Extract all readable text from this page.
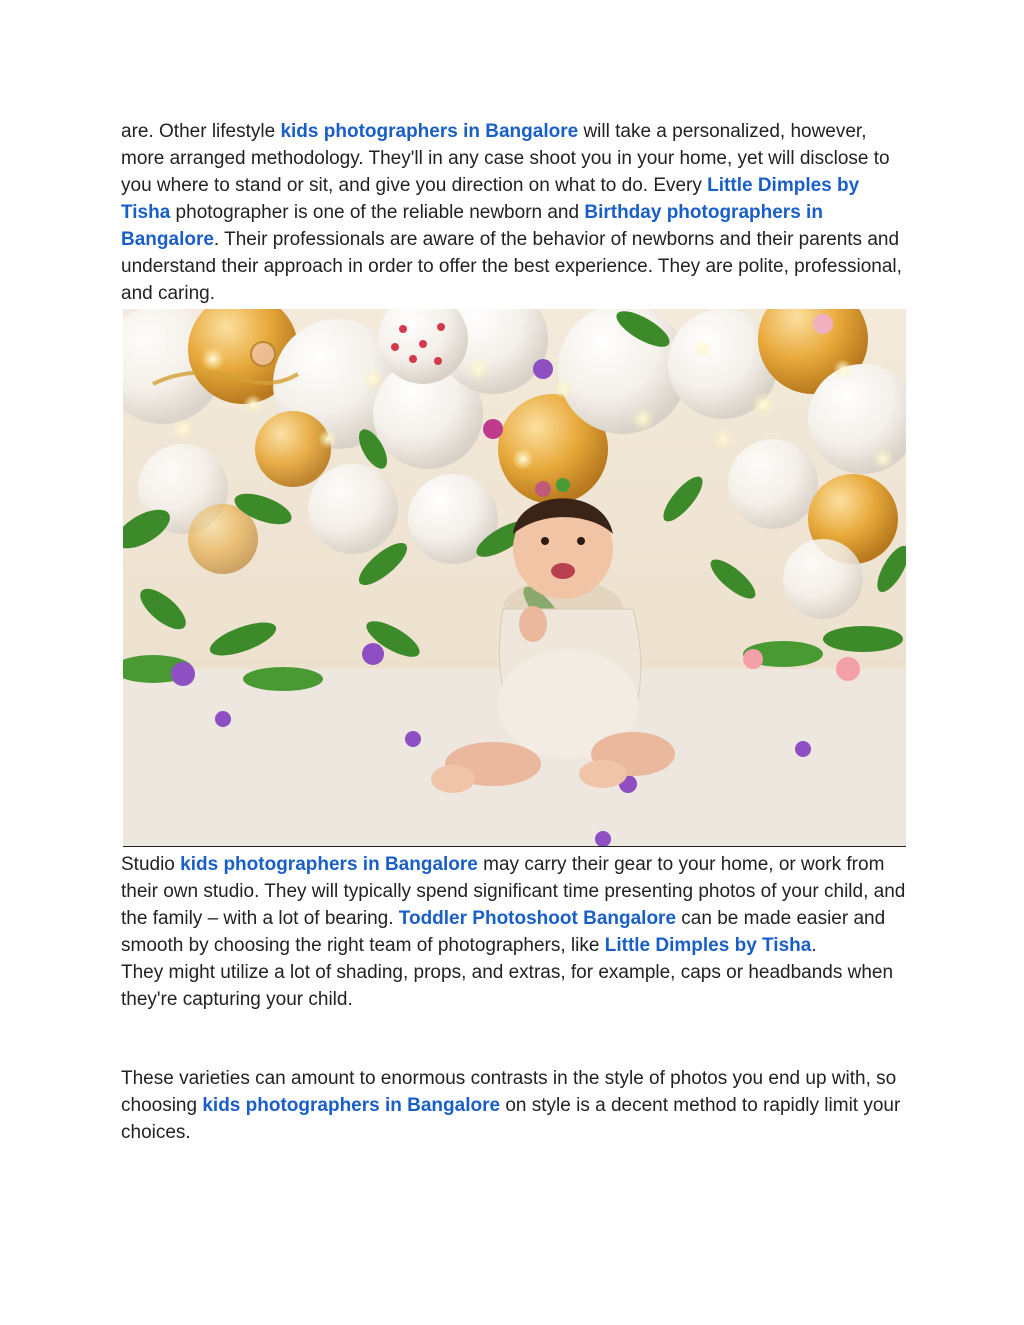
are. Other lifestyle kids photographers in Bangalore will take a personalized, however, more arranged methodology. They'll in any case shoot you in your home, yet will disclose to you where to stand or sit, and give you direction on what to do. Every Little Dimples by Tisha photographer is one of the reliable newborn and Birthday photographers in Bangalore. Their professionals are aware of the behavior of newborns and their parents and understand their approach in order to offer the best experience. They are polite, professional, and caring.

Studio kids photographers in Bangalore may carry their gear to your home, or work from their own studio. They will typically spend significant time presenting photos of your child, and the family – with a lot of bearing. Toddler Photoshoot Bangalore can be made easier and smooth by choosing the right team of photographers, like Little Dimples by Tisha.
They might utilize a lot of shading, props, and extras, for example, caps or headbands when they're capturing your child.

These varieties can amount to enormous contrasts in the style of photos you end up with, so choosing kids photographers in Bangalore on style is a decent method to rapidly limit your choices.
